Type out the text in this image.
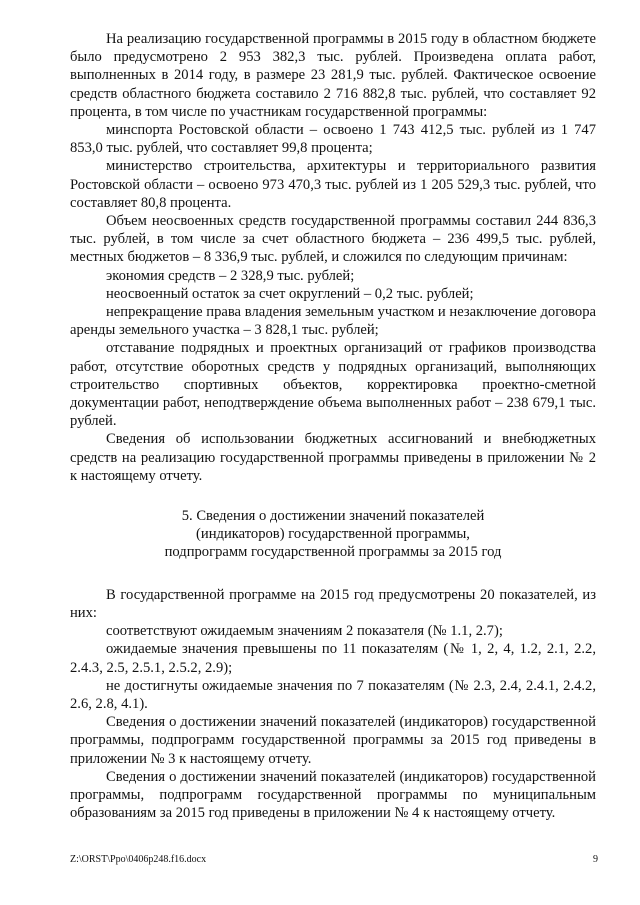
На реализацию государственной программы в 2015 году в областном бюджете было предусмотрено 2 953 382,3 тыс. рублей. Произведена оплата работ, выполненных в 2014 году, в размере 23 281,9 тыс. рублей. Фактическое освоение средств областного бюджета составило 2 716 882,8 тыс. рублей, что составляет 92 процента, в том числе по участникам государственной программы:

минспорта Ростовской области – освоено 1 743 412,5 тыс. рублей из 1 747 853,0 тыс. рублей, что составляет 99,8 процента;

министерство строительства, архитектуры и территориального развития Ростовской области – освоено 973 470,3 тыс. рублей из 1 205 529,3 тыс. рублей, что составляет 80,8 процента.

Объем неосвоенных средств государственной программы составил 244 836,3 тыс. рублей, в том числе за счет областного бюджета – 236 499,5 тыс. рублей, местных бюджетов – 8 336,9 тыс. рублей, и сложился по следующим причинам:

экономия средств – 2 328,9 тыс. рублей;

неосвоенный остаток за счет округлений – 0,2 тыс. рублей;

непрекращение права владения земельным участком и незаключение договора аренды земельного участка – 3 828,1 тыс. рублей;

отставание подрядных и проектных организаций от графиков производства работ, отсутствие оборотных средств у подрядных организаций, выполняющих строительство спортивных объектов, корректировка проектно-сметной документации работ, неподтверждение объема выполненных работ – 238 679,1 тыс. рублей.

Сведения об использовании бюджетных ассигнований и внебюджетных средств на реализацию государственной программы приведены в приложении № 2 к настоящему отчету.

5. Сведения о достижении значений показателей
(индикаторов) государственной программы,
подпрограмм государственной программы за 2015 год

В государственной программе на 2015 год предусмотрены 20 показателей, из них:

соответствуют ожидаемым значениям 2 показателя (№ 1.1, 2.7);

ожидаемые значения превышены по 11 показателям (№ 1, 2, 4, 1.2, 2.1, 2.2, 2.4.3, 2.5, 2.5.1, 2.5.2, 2.9);

не достигнуты ожидаемые значения по 7 показателям (№ 2.3, 2.4, 2.4.1, 2.4.2, 2.6, 2.8, 4.1).

Сведения о достижении значений показателей (индикаторов) государственной программы, подпрограмм государственной программы за 2015 год приведены в приложении № 3 к настоящему отчету.

Сведения о достижении значений показателей (индикаторов) государственной программы, подпрограмм государственной программы по муниципальным образованиям за 2015 год приведены в приложении № 4 к настоящему отчету.

Z:\ORST\Ppo\0406p248.f16.docx	9
